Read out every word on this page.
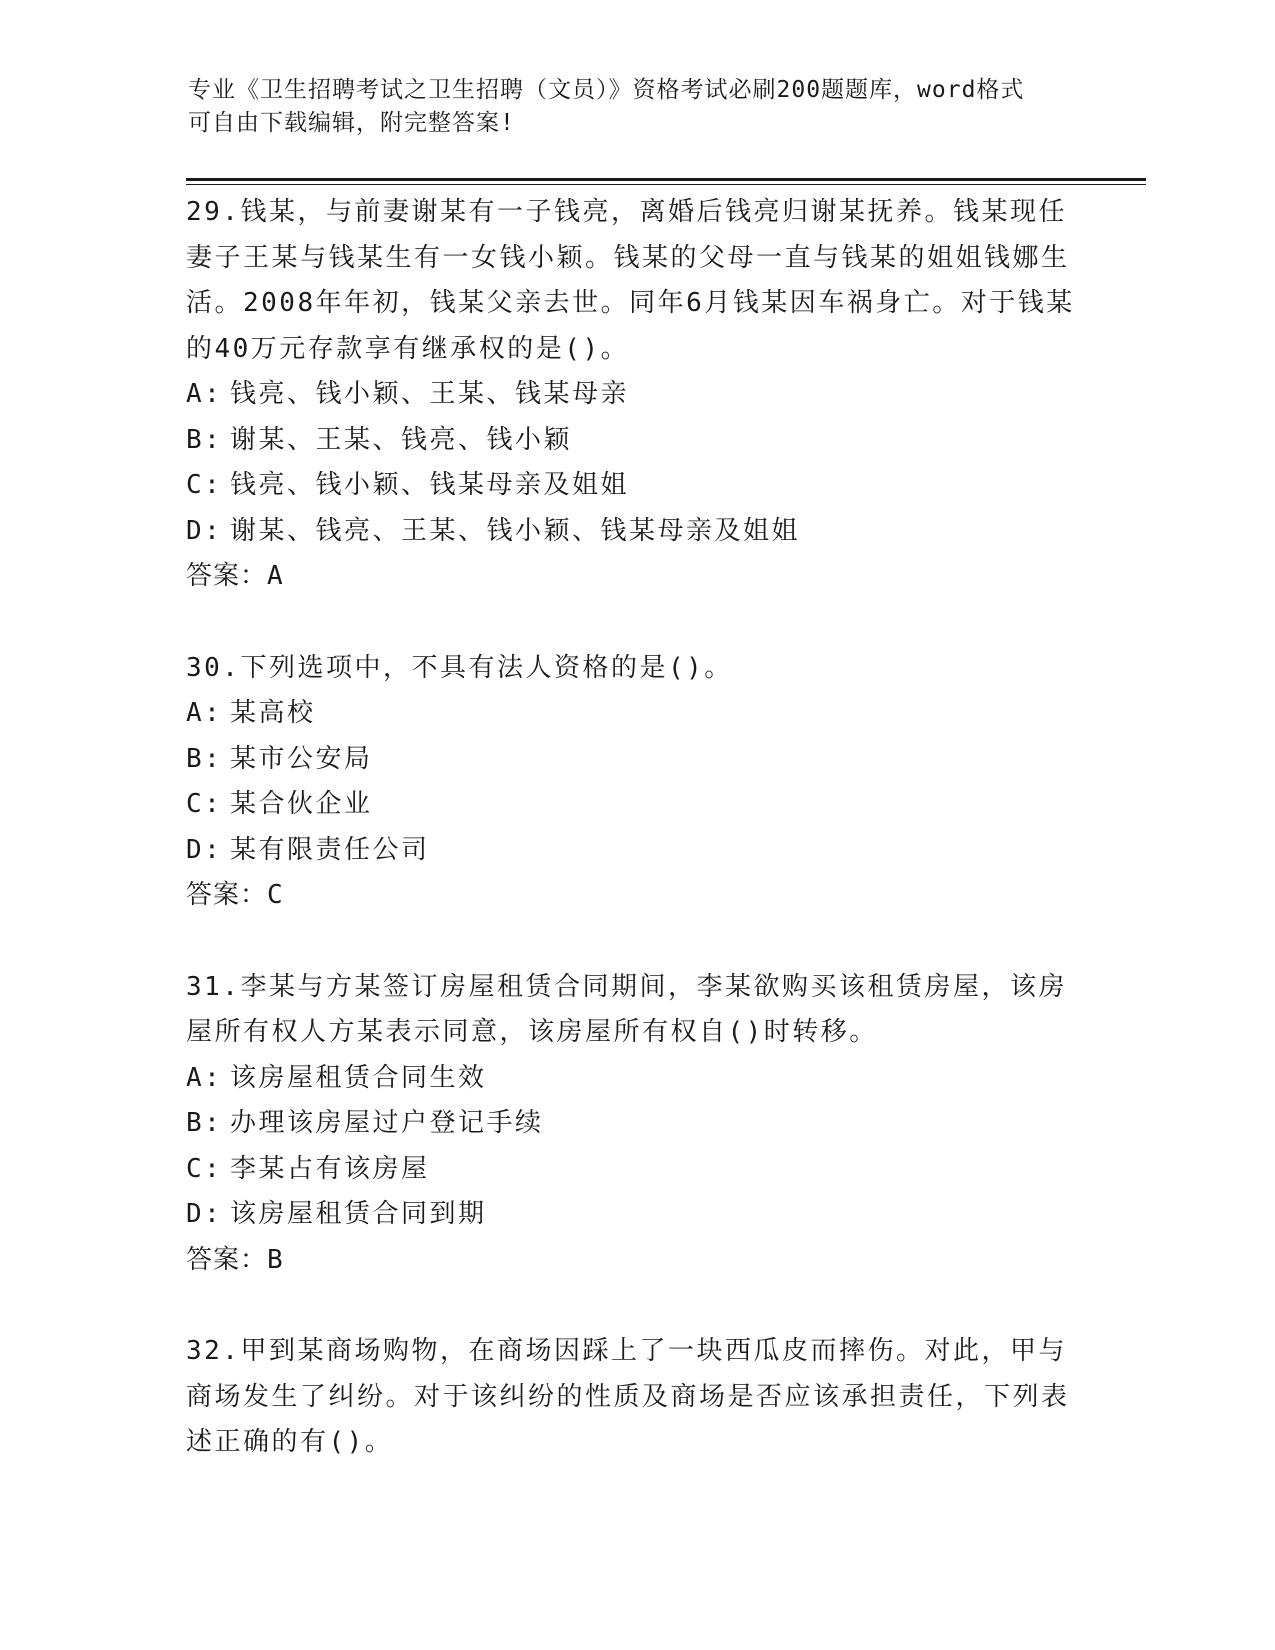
专业《卫生招聘考试之卫生招聘（文员）》资格考试必刷200题题库，word格式
可自由下载编辑，附完整答案!

29.钱某，与前妻谢某有一子钱亮，离婚后钱亮归谢某抚养。钱某现任妻子王某与钱某生有一女钱小颖。钱某的父母一直与钱某的姐姐钱娜生活。2008年年初，钱某父亲去世。同年6月钱某因车祸身亡。对于钱某的40万元存款享有继承权的是()。

A: 钱亮、钱小颖、王某、钱某母亲

B: 谢某、王某、钱亮、钱小颖

C: 钱亮、钱小颖、钱某母亲及姐姐

D: 谢某、钱亮、王某、钱小颖、钱某母亲及姐姐

答案：A

30.下列选项中，不具有法人资格的是()。

A: 某高校

B: 某市公安局

C: 某合伙企业

D: 某有限责任公司

答案：C

31.李某与方某签订房屋租赁合同期间，李某欲购买该租赁房屋，该房屋所有权人方某表示同意，该房屋所有权自()时转移。

A: 该房屋租赁合同生效

B: 办理该房屋过户登记手续

C: 李某占有该房屋

D: 该房屋租赁合同到期

答案：B

32.甲到某商场购物，在商场因踩上了一块西瓜皮而摔伤。对此，甲与商场发生了纠纷。对于该纠纷的性质及商场是否应该承担责任，下列表述正确的有()。
